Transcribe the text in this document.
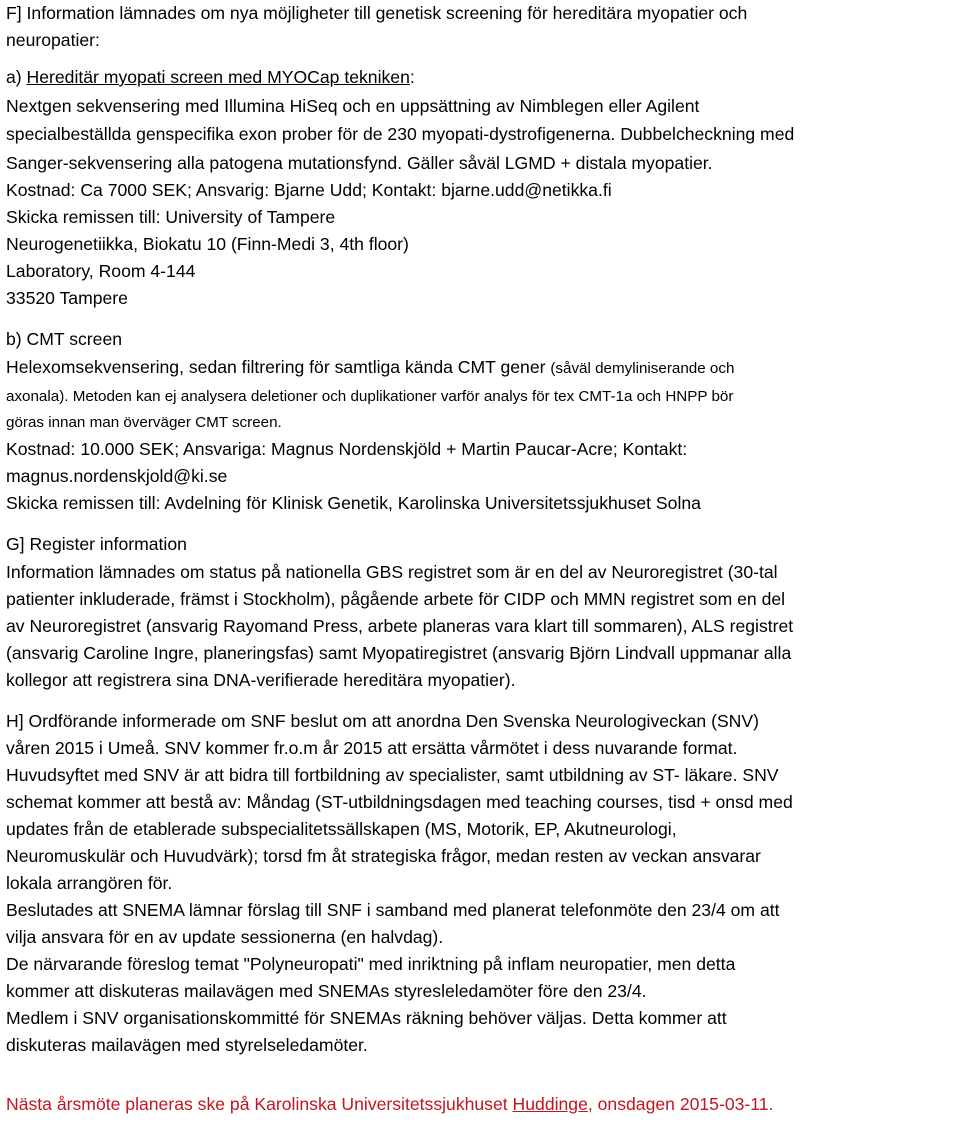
F] Information lämnades om nya möjligheter till genetisk screening för hereditära myopatier och
neuropatier:
a) Hereditär myopati screen med MYOCap tekniken:
Nextgen sekvensering med Illumina HiSeq och en uppsättning av Nimblegen eller Agilent
specialbeställda genspecifika exon prober för de 230 myopati-dystrofigenerna. Dubbelcheckning med
Sanger-sekvensering alla patogena mutationsfynd. Gäller såväl LGMD + distala myopatier.
Kostnad: Ca 7000 SEK; Ansvarig: Bjarne Udd; Kontakt: bjarne.udd@netikka.fi
Skicka remissen till: University of Tampere
Neurogenetiikka, Biokatu 10 (Finn-Medi 3, 4th floor)
Laboratory, Room 4-144
33520 Tampere
b) CMT screen
Helexomsekvensering, sedan filtrering för samtliga kända CMT gener (såväl demyliniserande och
axonala). Metoden kan ej analysera deletioner och duplikationer varför analys för tex CMT-1a och HNPP bör
göras innan man överväger CMT screen.
Kostnad: 10.000 SEK; Ansvariga: Magnus Nordenskjöld + Martin Paucar-Acre; Kontakt:
magnus.nordenskjold@ki.se
Skicka remissen till: Avdelning för Klinisk Genetik, Karolinska Universitetssjukhuset Solna
G] Register information
Information lämnades om status på nationella GBS registret som är en del av Neuroregistret (30-tal
patienter inkluderade, främst i Stockholm), pågående arbete för CIDP och MMN registret som en del
av Neuroregistret (ansvarig Rayomand Press, arbete planeras vara klart till sommaren), ALS registret
(ansvarig Caroline Ingre, planeringsfas) samt Myopatiregistret (ansvarig Björn Lindvall uppmanar alla
kollegor att registrera sina DNA-verifierade hereditära myopatier).
H] Ordförande informerade om SNF beslut om att anordna Den Svenska Neurologiveckan (SNV)
våren 2015 i Umeå. SNV kommer fr.o.m år 2015 att ersätta vårmötet i dess nuvarande format.
Huvudsyftet med SNV är att bidra till fortbildning av specialister, samt utbildning av ST- läkare. SNV
schemat kommer att bestå av: Måndag (ST-utbildningsdagen med teaching courses, tisd + onsd med
updates från de etablerade subspecialitetssällskapen (MS, Motorik, EP, Akutneurologi,
Neuromuskulär och Huvudvärk); torsd fm åt strategiska frågor, medan resten av veckan ansvarar
lokala arrangören för.
Beslutades att SNEMA lämnar förslag till SNF i samband med planerat telefonmöte den 23/4 om att
vilja ansvara för en av update sessionerna (en halvdag).
De närvarande föreslog temat "Polyneuropati" med inriktning på inflam neuropatier, men detta
kommer att diskuteras mailavägen med SNEMAs styresleledamöter före den 23/4.
Medlem i SNV organisationskommitté för SNEMAs räkning behöver väljas. Detta kommer att
diskuteras mailavägen med styrelseledamöter.
Nästa årsmöte planeras ske på Karolinska Universitetssjukhuset Huddinge, onsdagen 2015-03-11.
